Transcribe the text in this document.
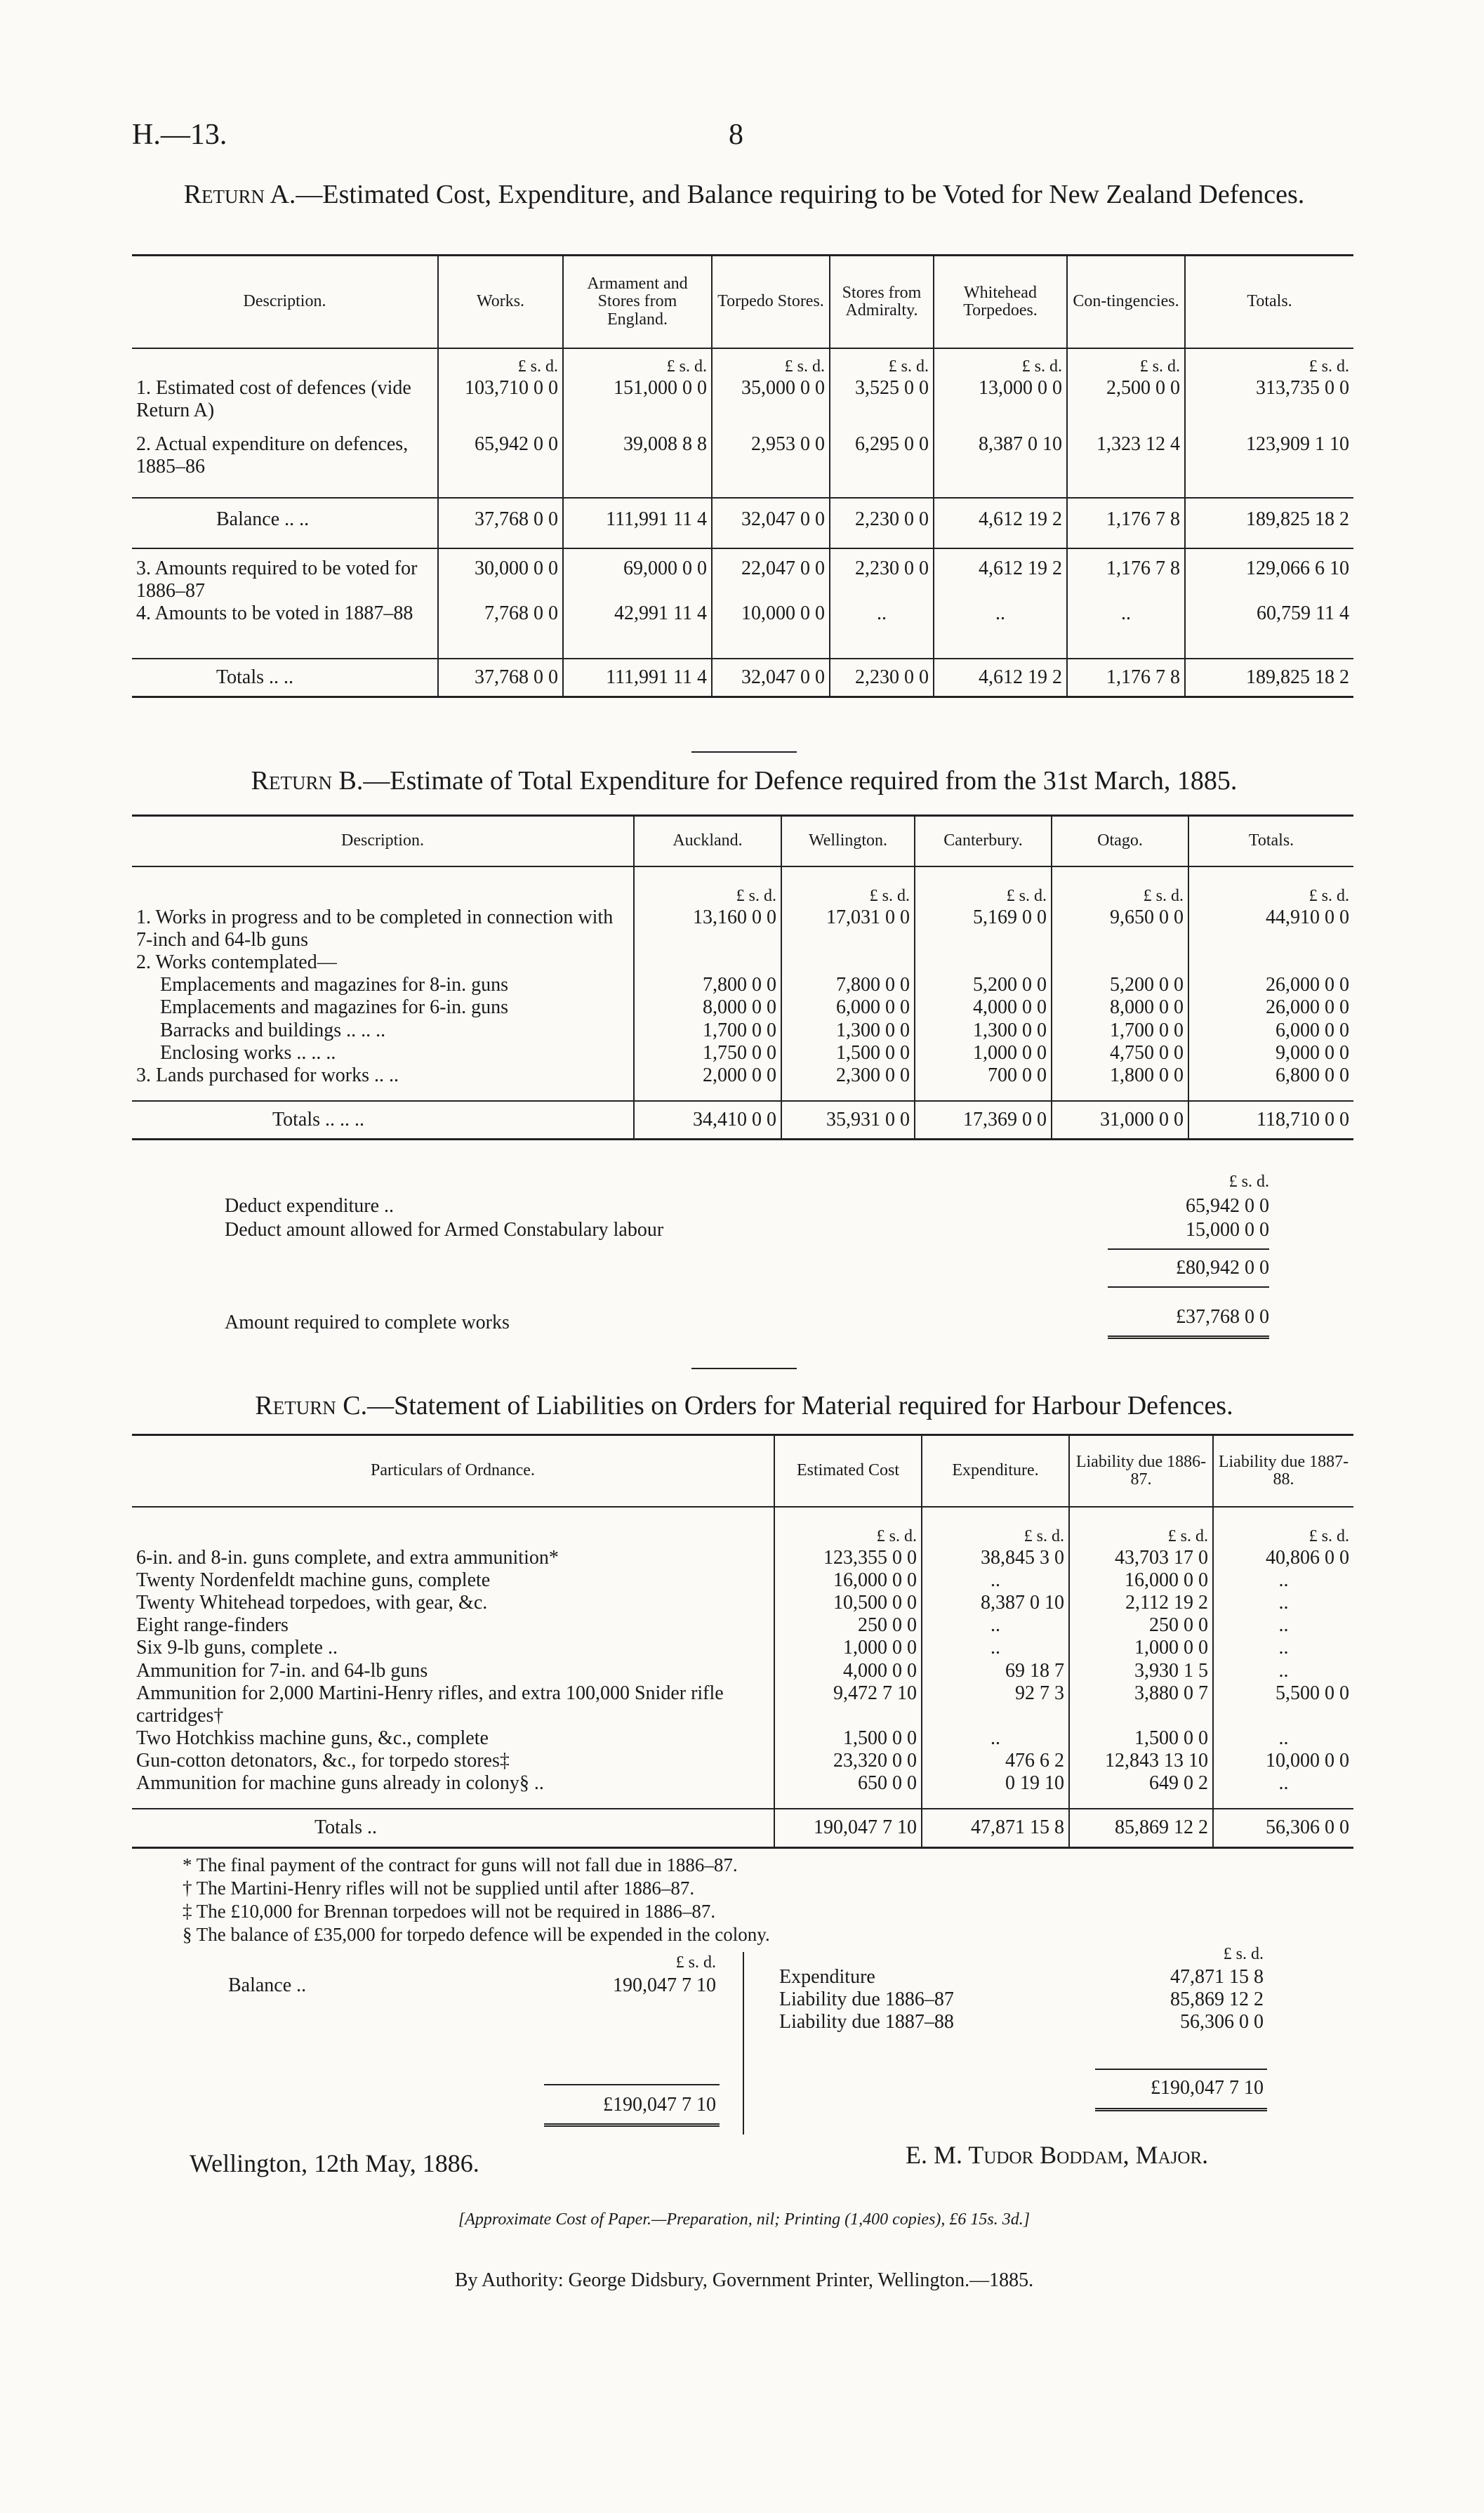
H.—13.	8
Return A.—Estimated Cost, Expenditure, and Balance requiring to be Voted for New Zealand Defences.
Description.	Works.	Armament and Stores from England.	Torpedo Stores.	Stores from Admiralty.	Whitehead Torpedoes.	Con-tingencies.	Totals.
	£ s. d.	£ s. d.	£ s. d.	£ s. d.	£ s. d.	£ s. d.	£ s. d.
1. Estimated cost of defences (vide Return A)	103,710 0 0	151,000 0 0	35,000 0 0	3,525 0 0	13,000 0 0	2,500 0 0	313,735 0 0
2. Actual expenditure on defences, 1885–86	65,942 0 0	39,008 8 8	2,953 0 0	6,295 0 0	8,387 0 10	1,323 12 4	123,909 1 10
Balance .. ..	37,768 0 0	111,991 11 4	32,047 0 0	2,230 0 0	4,612 19 2	1,176 7 8	189,825 18 2
3. Amounts required to be voted for 1886–87	30,000 0 0	69,000 0 0	22,047 0 0	2,230 0 0	4,612 19 2	1,176 7 8	129,066 6 10
4. Amounts to be voted in 1887–88	7,768 0 0	42,991 11 4	10,000 0 0	..	..	..	60,759 11 4
Totals .. ..	37,768 0 0	111,991 11 4	32,047 0 0	2,230 0 0	4,612 19 2	1,176 7 8	189,825 18 2
Return B.—Estimate of Total Expenditure for Defence required from the 31st March, 1885.
Description.	Auckland.	Wellington.	Canterbury.	Otago.	Totals.
	£ s. d.	£ s. d.	£ s. d.	£ s. d.	£ s. d.
1. Works in progress and to be completed in connection with 7-inch and 64-lb guns	13,160 0 0	17,031 0 0	5,169 0 0	9,650 0 0	44,910 0 0
2. Works contemplated—					
Emplacements and magazines for 8-in. guns	7,800 0 0	7,800 0 0	5,200 0 0	5,200 0 0	26,000 0 0
Emplacements and magazines for 6-in. guns	8,000 0 0	6,000 0 0	4,000 0 0	8,000 0 0	26,000 0 0
Barracks and buildings .. .. ..	1,700 0 0	1,300 0 0	1,300 0 0	1,700 0 0	6,000 0 0
Enclosing works .. .. ..	1,750 0 0	1,500 0 0	1,000 0 0	4,750 0 0	9,000 0 0
3. Lands purchased for works .. ..	2,000 0 0	2,300 0 0	700 0 0	1,800 0 0	6,800 0 0
Totals .. .. ..	34,410 0 0	35,931 0 0	17,369 0 0	31,000 0 0	118,710 0 0
£ s. d.
Deduct expenditure ..	65,942 0 0
Deduct amount allowed for Armed Constabulary labour	15,000 0 0
£80,942 0 0
Amount required to complete works	£37,768 0 0
Return C.—Statement of Liabilities on Orders for Material required for Harbour Defences.
Particulars of Ordnance.	Estimated Cost	Expenditure.	Liability due 1886-87.	Liability due 1887-88.
	£ s. d.	£ s. d.	£ s. d.	£ s. d.
6-in. and 8-in. guns complete, and extra ammunition*	123,355 0 0	38,845 3 0	43,703 17 0	40,806 0 0
Twenty Nordenfeldt machine guns, complete	16,000 0 0	..	16,000 0 0	..
Twenty Whitehead torpedoes, with gear, &c.	10,500 0 0	8,387 0 10	2,112 19 2	..
Eight range-finders	250 0 0	..	250 0 0	..
Six 9-lb guns, complete ..	1,000 0 0	..	1,000 0 0	..
Ammunition for 7-in. and 64-lb guns	4,000 0 0	69 18 7	3,930 1 5	..
Ammunition for 2,000 Martini-Henry rifles, and extra 100,000 Snider rifle cartridges†	9,472 7 10	92 7 3	3,880 0 7	5,500 0 0
Two Hotchkiss machine guns, &c., complete	1,500 0 0	..	1,500 0 0	..
Gun-cotton detonators, &c., for torpedo stores‡	23,320 0 0	476 6 2	12,843 13 10	10,000 0 0
Ammunition for machine guns already in colony§ ..	650 0 0	0 19 10	649 0 2	..
Totals ..	190,047 7 10	47,871 15 8	85,869 12 2	56,306 0 0
* The final payment of the contract for guns will not fall due in 1886–87.
† The Martini-Henry rifles will not be supplied until after 1886–87.
‡ The £10,000 for Brennan torpedoes will not be required in 1886–87.
§ The balance of £35,000 for torpedo defence will be expended in the colony.
£ s. d.
Balance ..	190,047 7 10
£190,047 7 10
£ s. d.
Expenditure	47,871 15 8
Liability due 1886–87	85,869 12 2
Liability due 1887–88	56,306 0 0
£190,047 7 10
Wellington, 12th May, 1886.	E. M. Tudor Boddam, Major.
[Approximate Cost of Paper.—Preparation, nil; Printing (1,400 copies), £6 15s. 3d.]
By Authority: George Didsbury, Government Printer, Wellington.—1885.
